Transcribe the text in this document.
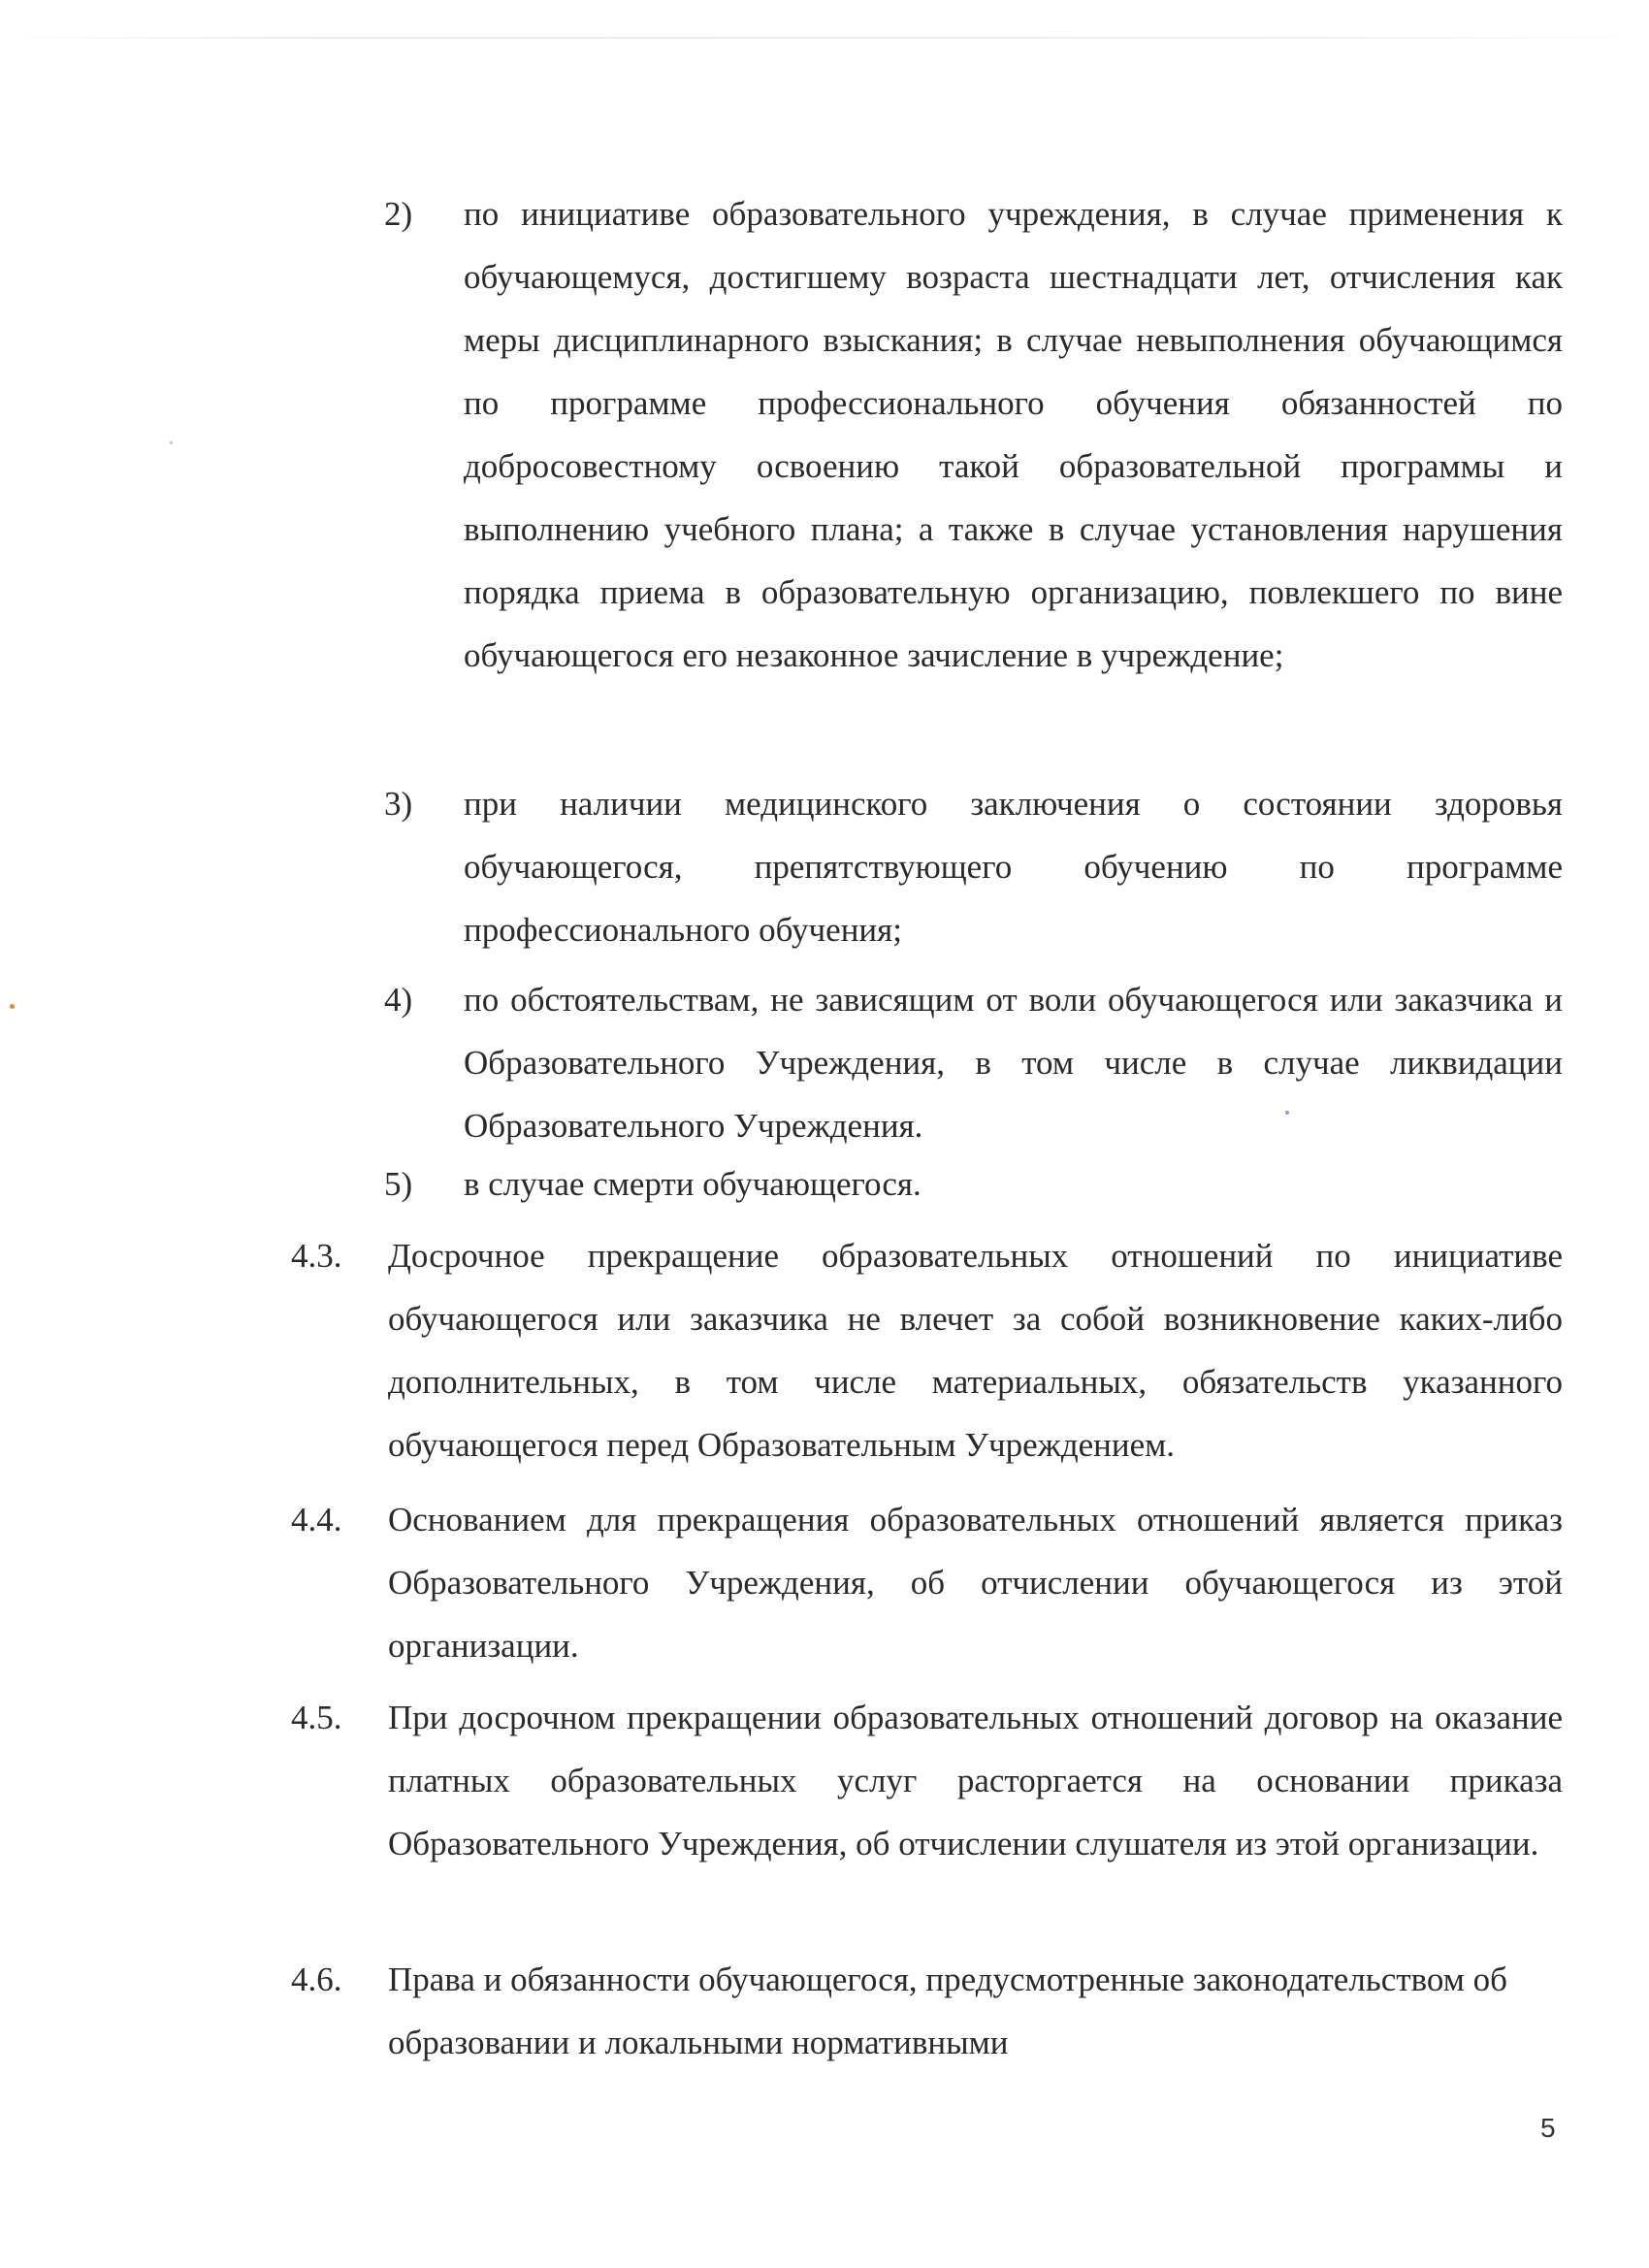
2) по инициативе образовательного учреждения, в случае применения к обучающемуся, достигшему возраста шестнадцати лет, отчисления как меры дисциплинарного взыскания; в случае невыполнения обучающимся по программе профессионального обучения обязанностей по добросовестному освоению такой образовательной программы и выполнению учебного плана; а также в случае установления нарушения порядка приема в образовательную организацию, повлекшего по вине обучающегося его незаконное зачисление в учреждение;
3) при наличии медицинского заключения о состоянии здоровья обучающегося, препятствующего обучению по программе профессионального обучения;
4) по обстоятельствам, не зависящим от воли обучающегося или заказчика и Образовательного Учреждения, в том числе в случае ликвидации Образовательного Учреждения.
5) в случае смерти обучающегося.
4.3. Досрочное прекращение образовательных отношений по инициативе обучающегося или заказчика не влечет за собой возникновение каких-либо дополнительных, в том числе материальных, обязательств указанного обучающегося перед Образовательным Учреждением.
4.4. Основанием для прекращения образовательных отношений является приказ Образовательного Учреждения, об отчислении обучающегося из этой организации.
4.5. При досрочном прекращении образовательных отношений договор на оказание платных образовательных услуг расторгается на основании приказа Образовательного Учреждения, об отчислении слушателя из этой организации.
4.6. Права и обязанности обучающегося, предусмотренные законодательством об образовании и локальными нормативными
5
